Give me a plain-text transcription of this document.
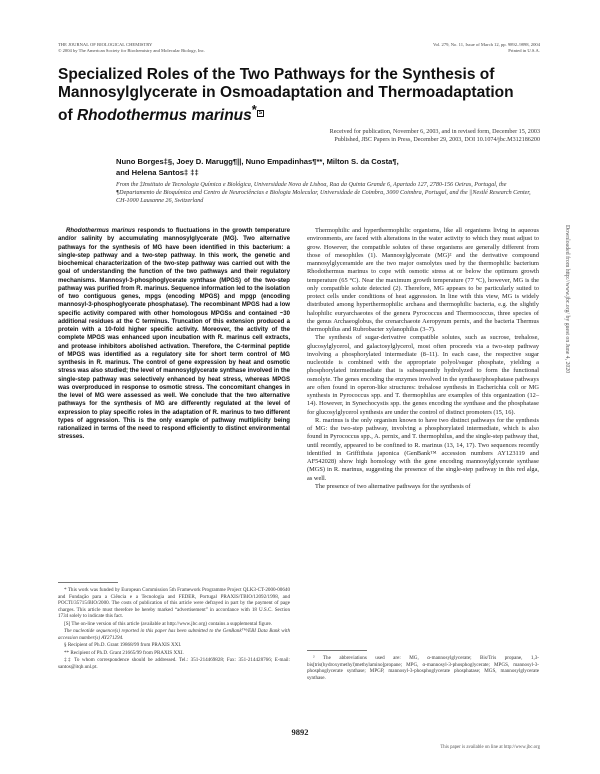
THE JOURNAL OF BIOLOGICAL CHEMISTRY
© 2004 by The American Society for Biochemistry and Molecular Biology, Inc.
Vol. 279, No. 11, Issue of March 12, pp. 9892–9898, 2004
Printed in U.S.A.
Specialized Roles of the Two Pathways for the Synthesis of Mannosylglycerate in Osmoadaptation and Thermoadaptation of Rhodothermus marinus* S
Received for publication, November 6, 2003, and in revised form, December 15, 2003
Published, JBC Papers in Press, December 29, 2003, DOI 10.1074/jbc.M312186200
Nuno Borges‡§, Joey D. Marugg¶||, Nuno Empadinhas¶**, Milton S. da Costa¶,
and Helena Santos‡ ‡‡
From the ‡Instituto de Tecnologia Química e Biológica, Universidade Nova de Lisboa, Rua da Quinta Grande 6, Apartado 127, 2780-156 Oeiras, Portugal, the ¶Departamento de Bioquímica and Centro de Neurociências e Biologia Molecular, Universidade de Coimbra, 3000 Coimbra, Portugal, and the ||Nestlé Research Center, CH-1000 Lausanne 26, Switzerland

Rhodothermus marinus responds to fluctuations in the growth temperature and/or salinity by accumulating mannosylglycerate (MG). Two alternative pathways for the synthesis of MG have been identified in this bacterium: a single-step pathway and a two-step pathway. In this work, the genetic and biochemical characterization of the two-step pathway was carried out with the goal of understanding the function of the two pathways and their regulatory mechanisms. Mannosyl-3-phosphoglycerate synthase (MPGS) of the two-step pathway was purified from R. marinus. Sequence information led to the isolation of two contiguous genes, mpgs (encoding MPGS) and mpgp (encoding mannosyl-3-phosphoglycerate phosphatase). The recombinant MPGS had a low specific activity compared with other homologous MPGSs and contained ~30 additional residues at the C terminus. Truncation of this extension produced a protein with a 10-fold higher specific activity. Moreover, the activity of the complete MPGS was enhanced upon incubation with R. marinus cell extracts, and protease inhibitors abolished activation. Therefore, the C-terminal peptide of MPGS was identified as a regulatory site for short term control of MG synthesis in R. marinus. The control of gene expression by heat and osmotic stress was also studied; the level of mannosylglycerate synthase involved in the single-step pathway was selectively enhanced by heat stress, whereas MPGS was overproduced in response to osmotic stress. The concomitant changes in the level of MG were assessed as well. We conclude that the two alternative pathways for the synthesis of MG are differently regulated at the level of expression to play specific roles in the adaptation of R. marinus to two different types of aggression. This is the only example of pathway multiplicity being rationalized in terms of the need to respond efficiently to distinct environmental stresses.

* This work was funded by European Commission 5th Framework Programme Project QLK3-CT-2000-00640 and Fundação para a Ciência e a Tecnologia and FEDER, Portugal PRAXIS/TBIO/12092/1998, and POCTI/35715/BIO/2000. The costs of publication of this article were defrayed in part by the payment of page charges. This article must therefore be hereby marked “advertisement” in accordance with 18 U.S.C. Section 1734 solely to indicate this fact.

[S] The on-line version of this article (available at http://www.jbc.org) contains a supplemental figure.

The nucleotide sequence(s) reported in this paper has been submitted to the GenBank™/EBI Data Bank with accession number(s) AY271294.

§ Recipient of Ph.D. Grant 19868/99 from PRAXIS XXI.

** Recipient of Ph.D. Grant 21665/99 from PRAXIS XXI.

‡‡ To whom correspondence should be addressed. Tel.: 351-214469828; Fax: 351-214428766; E-mail: santos@itqb.unl.pt.

Thermophilic and hyperthermophilic organisms, like all organisms living in aqueous environments, are faced with alterations in the water activity to which they must adjust to grow. However, the compatible solutes of these organisms are generally different from those of mesophiles (1). Mannosylglycerate (MG)² and the derivative compound mannosylglyceramide are the two major osmolytes used by the thermophilic bacterium Rhodothermus marinus to cope with osmotic stress at or below the optimum growth temperature (65 °C). Near the maximum growth temperature (77 °C), however, MG is the only compatible solute detected (2). Therefore, MG appears to be particularly suited to protect cells under conditions of heat aggression. In line with this view, MG is widely distributed among hyperthermophilic archaea and thermophilic bacteria, e.g. the slightly halophilic euryarchaeotes of the genera Pyrococcus and Thermococcus, three species of the genus Archaeoglobus, the crenarchaeote Aeropyrum pernix, and the bacteria Thermus thermophilus and Rubrobacter xylanophilus (3–7).

The synthesis of sugar-derivative compatible solutes, such as sucrose, trehalose, glucosylglycerol, and galactosylglycerol, most often proceeds via a two-step pathway involving a phosphorylated intermediate (8–11). In each case, the respective sugar nucleotide is combined with the appropriate polyol/sugar phosphate, yielding a phosphorylated intermediate that is subsequently hydrolyzed to form the functional osmolyte. The genes encoding the enzymes involved in the synthase/phosphatase pathways are often found in operon-like structures: trehalose synthesis in Escherichia coli or MG synthesis in Pyrococcus spp. and T. thermophilus are examples of this organization (12–14). However, in Synechocystis spp. the genes encoding the synthase and the phosphatase for glucosylglycerol synthesis are under the control of distinct promoters (15, 16).

R. marinus is the only organism known to have two distinct pathways for the synthesis of MG: the two-step pathway, involving a phosphorylated intermediate, which is also found in Pyrococcus spp., A. pernix, and T. thermophilus, and the single-step pathway that, until recently, appeared to be confined to R. marinus (13, 14, 17). Two sequences recently identified in Griffithsia japonica (GenBank™ accession numbers AY123119 and AF542028) show high homology with the gene encoding mannosylglycerate synthase (MGS) in R. marinus, suggesting the presence of the single-step pathway in this red alga, as well.

The presence of two alternative pathways for the synthesis of

² The abbreviations used are: MG, α-mannosylglycerate; Bis/Tris propane, 1,3-bis[tris(hydroxymethyl)methylamino]propane; MPG, α-mannosyl-3-phosphoglycerate; MPGS, mannosyl-3-phosphoglycerate synthase; MPGP, mannosyl-3-phosphoglycerate phosphatase; MGS, mannosylglycerate synthase.

Downloaded from http://www.jbc.org/ by guest on June 4, 2020
9892
This paper is available on line at http://www.jbc.org
